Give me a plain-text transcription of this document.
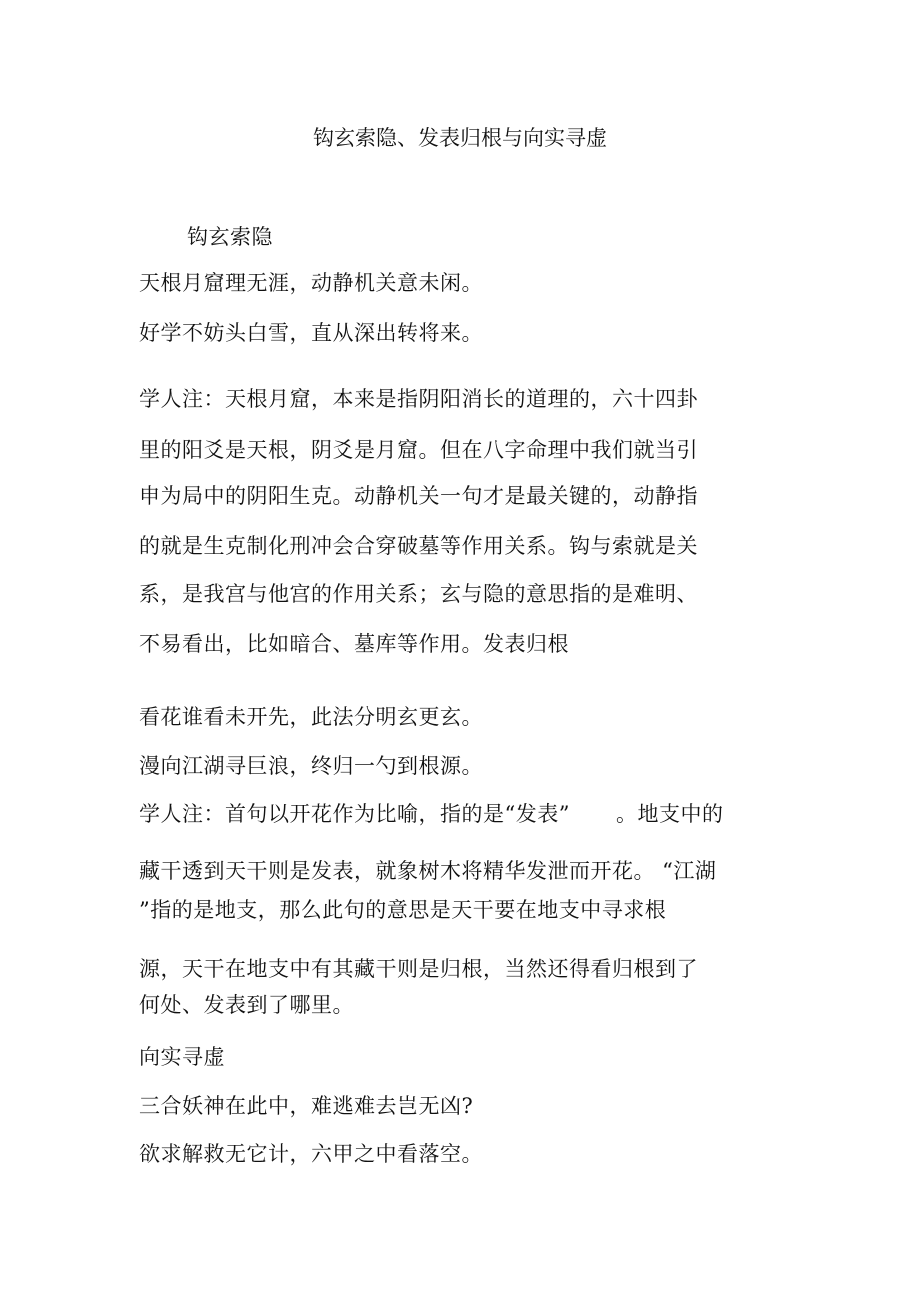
钩玄索隐、发表归根与向实寻虚
钩玄索隐
天根月窟理无涯，动静机关意未闲。
好学不妨头白雪，直从深出转将来。
学人注：天根月窟，本来是指阴阳消长的道理的，六十四卦
里的阳爻是天根，阴爻是月窟。但在八字命理中我们就当引
申为局中的阴阳生克。动静机关一句才是最关键的，动静指
的就是生克制化刑冲会合穿破墓等作用关系。钩与索就是关
系，是我宫与他宫的作用关系；玄与隐的意思指的是难明、
不易看出，比如暗合、墓库等作用。发表归根
看花谁看未开先，此法分明玄更玄。
漫向江湖寻巨浪，终归一勺到根源。
学人注：首句以开花作为比喻，指的是“发表” 。地支中的
藏干透到天干则是发表，就象树木将精华发泄而开花。 “江湖
”指的是地支，那么此句的意思是天干要在地支中寻求根
源，天干在地支中有其藏干则是归根，当然还得看归根到了
何处、发表到了哪里。
向实寻虚
三合妖神在此中，难逃难去岂无凶?
欲求解救无它计，六甲之中看落空。
